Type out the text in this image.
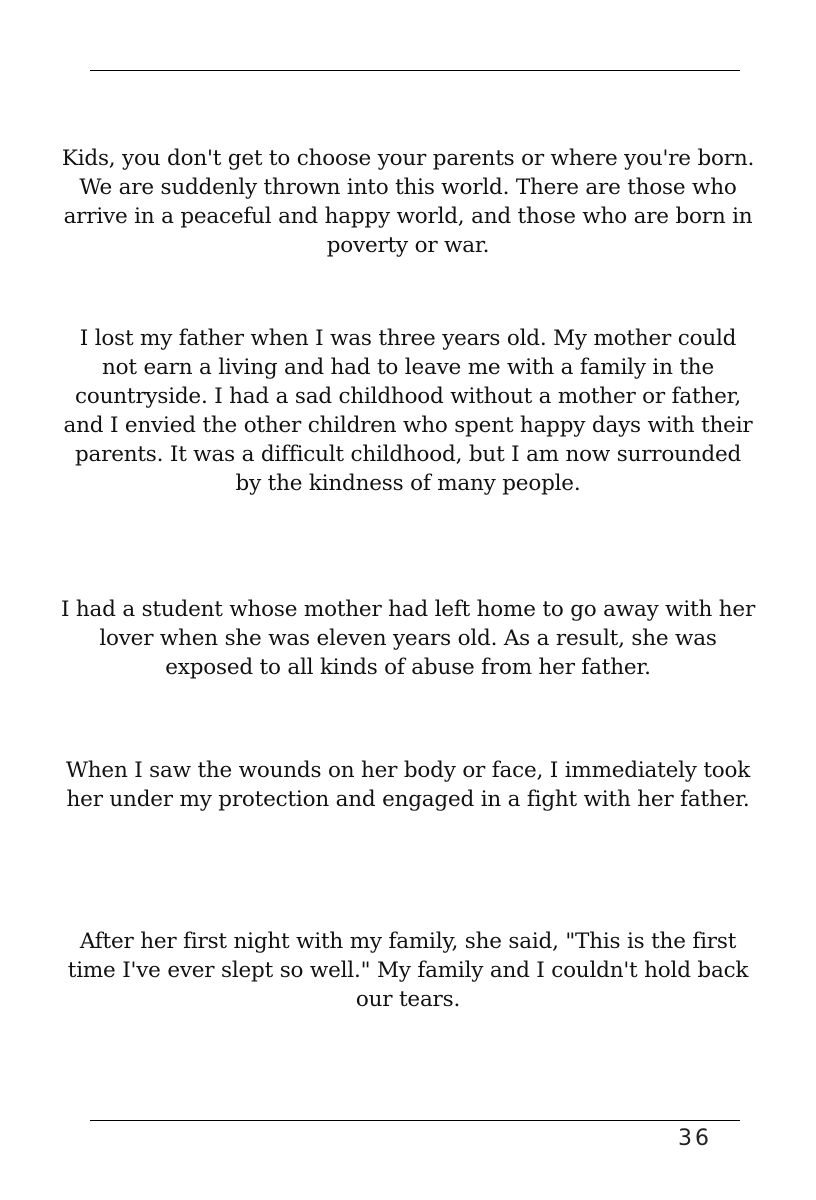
Kids, you don't get to choose your parents or where you're born. We are suddenly thrown into this world. There are those who arrive in a peaceful and happy world, and those who are born in poverty or war.

I lost my father when I was three years old. My mother could not earn a living and had to leave me with a family in the countryside. I had a sad childhood without a mother or father, and I envied the other children who spent happy days with their parents. It was a difficult childhood, but I am now surrounded by the kindness of many people.

I had a student whose mother had left home to go away with her lover when she was eleven years old. As a result, she was exposed to all kinds of abuse from her father.

When I saw the wounds on her body or face, I immediately took her under my protection and engaged in a fight with her father.

After her first night with my family, she said, "This is the first time I've ever slept so well." My family and I couldn't hold back our tears.

36
